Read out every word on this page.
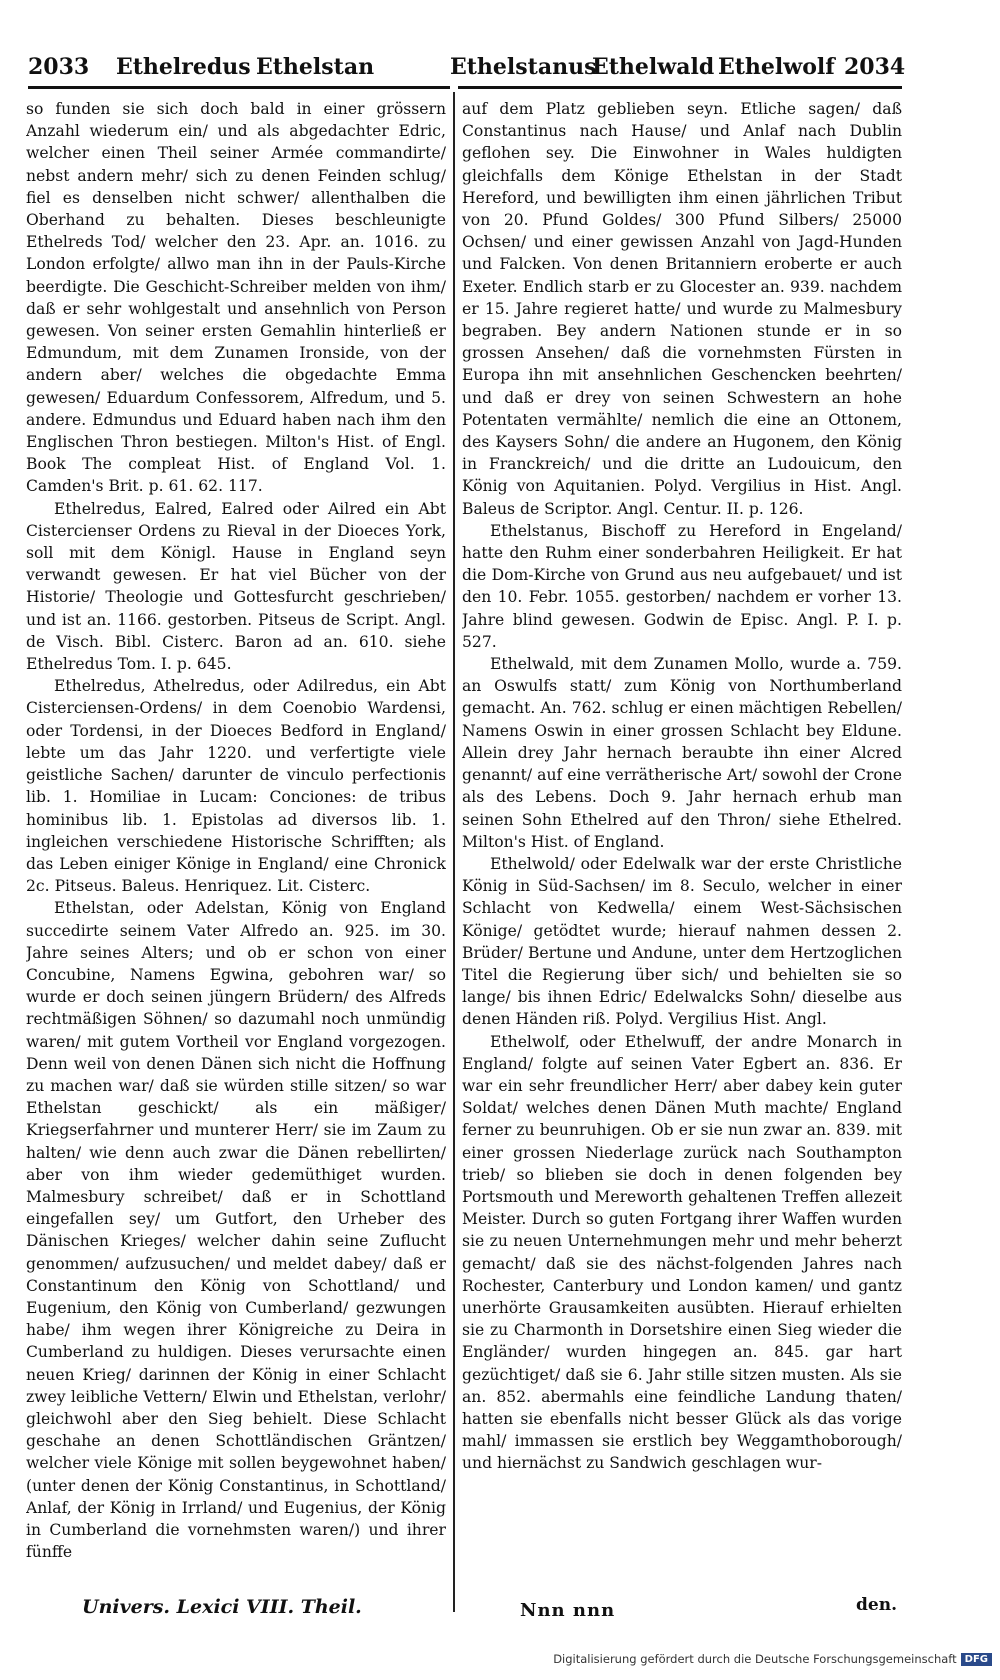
2033 Ethelredus Ethelstan	Ethelstanus
Ethelwald Ethelwolf 2034

so funden sie sich doch bald in einer grössern Anzahl wiederum ein/ und als abgedachter Edric, welcher einen Theil seiner Armée commandirte/ nebst andern mehr/ sich zu denen Feinden schlug/ fiel es denselben nicht schwer/ allenthalben die Oberhand zu behalten. Dieses beschleunigte Ethelreds Tod/ welcher den 23. Apr. an. 1016. zu London erfolgte/ allwo man ihn in der Pauls-Kirche beerdigte. Die Geschicht-Schreiber melden von ihm/ daß er sehr wohlgestalt und ansehnlich von Person gewesen. Von seiner ersten Gemahlin hinterließ er Edmundum, mit dem Zunamen Ironside, von der andern aber/ welches die obgedachte Emma gewesen/ Eduardum Confessorem, Alfredum, und 5. andere. Edmundus und Eduard haben nach ihm den Englischen Thron bestiegen. Milton's Hist. of Engl. Book The compleat Hist. of England Vol. 1. Camden's Brit. p. 61. 62. 117.

Ethelredus, Ealred, Ealred oder Ailred ein Abt Cistercienser Ordens zu Rieval in der Dioeces York, soll mit dem Königl. Hause in England seyn verwandt gewesen. Er hat viel Bücher von der Historie/ Theologie und Gottesfurcht geschrieben/ und ist an. 1166. gestorben. Pitseus de Script. Angl. de Visch. Bibl. Cisterc. Baron ad an. 610. siehe Ethelredus Tom. I. p. 645.

Ethelredus, Athelredus, oder Adilredus, ein Abt Cisterciensen-Ordens/ in dem Coenobio Wardensi, oder Tordensi, in der Dioeces Bedford in England/ lebte um das Jahr 1220. und verfertigte viele geistliche Sachen/ darunter de vinculo perfectionis lib. 1. Homiliae in Lucam: Conciones: de tribus hominibus lib. 1. Epistolas ad diversos lib. 1. ingleichen verschiedene Historische Schrifften; als das Leben einiger Könige in England/ eine Chronick 2c. Pitseus. Baleus. Henriquez. Lit. Cisterc.

Ethelstan, oder Adelstan, König von England succedirte seinem Vater Alfredo an. 925. im 30. Jahre seines Alters; und ob er schon von einer Concubine, Namens Egwina, gebohren war/ so wurde er doch seinen jüngern Brüdern/ des Alfreds rechtmäßigen Söhnen/ so dazumahl noch unmündig waren/ mit gutem Vortheil vor England vorgezogen. Denn weil von denen Dänen sich nicht die Hoffnung zu machen war/ daß sie würden stille sitzen/ so war Ethelstan geschickt/ als ein mäßiger/ Kriegserfahrner und munterer Herr/ sie im Zaum zu halten/ wie denn auch zwar die Dänen rebellirten/ aber von ihm wieder gedemüthiget wurden. Malmesbury schreibet/ daß er in Schottland eingefallen sey/ um Gutfort, den Urheber des Dänischen Krieges/ welcher dahin seine Zuflucht genommen/ aufzusuchen/ und meldet dabey/ daß er Constantinum den König von Schottland/ und Eugenium, den König von Cumberland/ gezwungen habe/ ihm wegen ihrer Königreiche zu Deira in Cumberland zu huldigen. Dieses verursachte einen neuen Krieg/ darinnen der König in einer Schlacht zwey leibliche Vettern/ Elwin und Ethelstan, verlohr/ gleichwohl aber den Sieg behielt. Diese Schlacht geschahe an denen Schottländischen Gräntzen/ welcher viele Könige mit sollen beygewohnet haben/ (unter denen der König Constantinus, in Schottland/ Anlaf, der König in Irrland/ und Eugenius, der König in Cumberland die vornehmsten waren/) und ihrer fünffe

auf dem Platz geblieben seyn. Etliche sagen/ daß Constantinus nach Hause/ und Anlaf nach Dublin geflohen sey. Die Einwohner in Wales huldigten gleichfalls dem Könige Ethelstan in der Stadt Hereford, und bewilligten ihm einen jährlichen Tribut von 20. Pfund Goldes/ 300 Pfund Silbers/ 25000 Ochsen/ und einer gewissen Anzahl von Jagd-Hunden und Falcken. Von denen Britanniern eroberte er auch Exeter. Endlich starb er zu Glocester an. 939. nachdem er 15. Jahre regieret hatte/ und wurde zu Malmesbury begraben. Bey andern Nationen stunde er in so grossen Ansehen/ daß die vornehmsten Fürsten in Europa ihn mit ansehnlichen Geschencken beehrten/ und daß er drey von seinen Schwestern an hohe Potentaten vermählte/ nemlich die eine an Ottonem, des Kaysers Sohn/ die andere an Hugonem, den König in Franckreich/ und die dritte an Ludouicum, den König von Aquitanien. Polyd. Vergilius in Hist. Angl. Baleus de Scriptor. Angl. Centur. II. p. 126.

Ethelstanus, Bischoff zu Hereford in Engeland/ hatte den Ruhm einer sonderbahren Heiligkeit. Er hat die Dom-Kirche von Grund aus neu aufgebauet/ und ist den 10. Febr. 1055. gestorben/ nachdem er vorher 13. Jahre blind gewesen. Godwin de Episc. Angl. P. I. p. 527.

Ethelwald, mit dem Zunamen Mollo, wurde a. 759. an Oswulfs statt/ zum König von Northumberland gemacht. An. 762. schlug er einen mächtigen Rebellen/ Namens Oswin in einer grossen Schlacht bey Eldune. Allein drey Jahr hernach beraubte ihn einer Alcred genannt/ auf eine verrätherische Art/ sowohl der Crone als des Lebens. Doch 9. Jahr hernach erhub man seinen Sohn Ethelred auf den Thron/ siehe Ethelred. Milton's Hist. of England.

Ethelwold/ oder Edelwalk war der erste Christliche König in Süd-Sachsen/ im 8. Seculo, welcher in einer Schlacht von Kedwella/ einem West-Sächsischen Könige/ getödtet wurde; hierauf nahmen dessen 2. Brüder/ Bertune und Andune, unter dem Hertzoglichen Titel die Regierung über sich/ und behielten sie so lange/ bis ihnen Edric/ Edelwalcks Sohn/ dieselbe aus denen Händen riß. Polyd. Vergilius Hist. Angl.

Ethelwolf, oder Ethelwuff, der andre Monarch in England/ folgte auf seinen Vater Egbert an. 836. Er war ein sehr freundlicher Herr/ aber dabey kein guter Soldat/ welches denen Dänen Muth machte/ England ferner zu beunruhigen. Ob er sie nun zwar an. 839. mit einer grossen Niederlage zurück nach Southampton trieb/ so blieben sie doch in denen folgenden bey Portsmouth und Mereworth gehaltenen Treffen allezeit Meister. Durch so guten Fortgang ihrer Waffen wurden sie zu neuen Unternehmungen mehr und mehr beherzt gemacht/ daß sie des nächst-folgenden Jahres nach Rochester, Canterbury und London kamen/ und gantz unerhörte Grausamkeiten ausübten. Hierauf erhielten sie zu Charmonth in Dorsetshire einen Sieg wieder die Engländer/ wurden hingegen an. 845. gar hart gezüchtiget/ daß sie 6. Jahr stille sitzen musten. Als sie an. 852. abermahls eine feindliche Landung thaten/ hatten sie ebenfalls nicht besser Glück als das vorige mahl/ immassen sie erstlich bey Weggamthoborough/ und hiernächst zu Sandwich geschlagen wur-

Univers. Lexici VIII. Theil.	Nnn nnn	den.
Digitalisierung gefördert durch die Deutsche Forschungsgemeinschaft DFG
